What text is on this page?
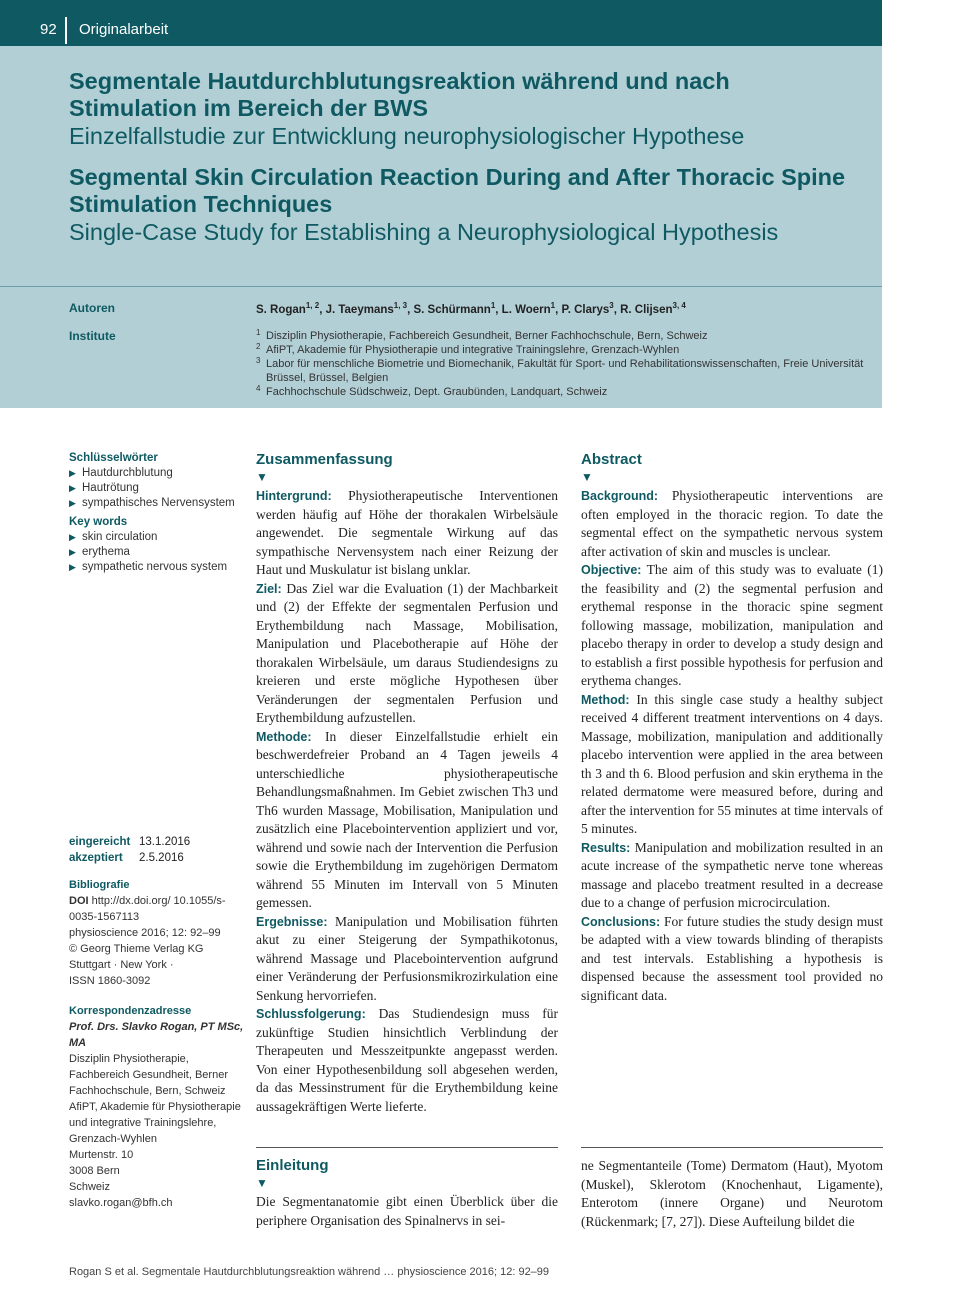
92 Originalarbeit
Segmentale Hautdurchblutungsreaktion während und nach Stimulation im Bereich der BWS
Einzelfallstudie zur Entwicklung neurophysiologischer Hypothese
Segmental Skin Circulation Reaction During and After Thoracic Spine Stimulation Techniques
Single-Case Study for Establishing a Neurophysiological Hypothesis
Autoren	S. Rogan$^{1, 2}$, J. Taeymans$^{1, 3}$, S. Schürmann$^1$, L. Woern$^1$, P. Clarys$^3$, R. Clijsen$^{3, 4}$
Institute	1 Disziplin Physiotherapie, Fachbereich Gesundheit, Berner Fachhochschule, Bern, Schweiz
2 AfiPT, Akademie für Physiotherapie und integrative Trainingslehre, Grenzach-Wyhlen
3 Labor für menschliche Biometrie und Biomechanik, Fakultät für Sport- und Rehabilitationswissenschaften, Freie Universität Brüssel, Brüssel, Belgien
4 Fachhochschule Südschweiz, Dept. Graubünden, Landquart, Schweiz
Schlüsselwörter
▶ Hautdurchblutung
▶ Hautrötung
▶ sympathisches Nervensystem
Key words
▶ skin circulation
▶ erythema
▶ sympathetic nervous system
eingereicht 13.1.2016
akzeptiert 2.5.2016
Bibliografie
DOI http://dx.doi.org/ 10.1055/s-0035-1567113
physioscience 2016; 12: 92–99
© Georg Thieme Verlag KG
Stuttgart · New York ·
ISSN 1860-3092
Korrespondenzadresse
Prof. Drs. Slavko Rogan, PT MSc, MA
Disziplin Physiotherapie, Fachbereich Gesundheit, Berner Fachhochschule, Bern, Schweiz
AfiPT, Akademie für Physiotherapie und integrative Trainingslehre, Grenzach-Wyhlen
Murtenstr. 10
3008 Bern
Schweiz
slavko.rogan@bfh.ch
Zusammenfassung
▼
Hintergrund: Physiotherapeutische Interventionen werden häufig auf Höhe der thorakalen Wirbelsäule angewendet. Die segmentale Wirkung auf das sympathische Nervensystem nach einer Reizung der Haut und Muskulatur ist bislang unklar.
Ziel: Das Ziel war die Evaluation (1) der Machbarkeit und (2) der Effekte der segmentalen Perfusion und Erythembildung nach Massage, Mobilisation, Manipulation und Placebotherapie auf Höhe der thorakalen Wirbelsäule, um daraus Studiendesigns zu kreieren und erste mögliche Hypothesen über Veränderungen der segmentalen Perfusion und Erythembildung aufzustellen.
Methode: In dieser Einzelfallstudie erhielt ein beschwerdefreier Proband an 4 Tagen jeweils 4 unterschiedliche physiotherapeutische Behandlungsmaßnahmen. Im Gebiet zwischen Th3 und Th6 wurden Massage, Mobilisation, Manipulation und zusätzlich eine Placebointervention appliziert und vor, während und sowie nach der Intervention die Perfusion sowie die Erythembildung im zugehörigen Dermatom während 55 Minuten im Intervall von 5 Minuten gemessen.
Ergebnisse: Manipulation und Mobilisation führten akut zu einer Steigerung der Sympathikotonus, während Massage und Placebointervention aufgrund einer Veränderung der Perfusionsmikrozirkulation eine Senkung hervorriefen.
Schlussfolgerung: Das Studiendesign muss für zukünftige Studien hinsichtlich Verblindung der Therapeuten und Messzeitpunkte angepasst werden. Von einer Hypothesenbildung soll abgesehen werden, da das Messinstrument für die Erythembildung keine aussagekräftigen Werte lieferte.
Abstract
▼
Background: Physiotherapeutic interventions are often employed in the thoracic region. To date the segmental effect on the sympathetic nervous system after activation of skin and muscles is unclear.
Objective: The aim of this study was to evaluate (1) the feasibility and (2) the segmental perfusion and erythemal response in the thoracic spine segment following massage, mobilization, manipulation and placebo therapy in order to develop a study design and to establish a first possible hypothesis for perfusion and erythema changes.
Method: In this single case study a healthy subject received 4 different treatment interventions on 4 days. Massage, mobilization, manipulation and additionally placebo intervention were applied in the area between th 3 and th 6. Blood perfusion and skin erythema in the related dermatome were measured before, during and after the intervention for 55 minutes at time intervals of 5 minutes.
Results: Manipulation and mobilization resulted in an acute increase of the sympathetic nerve tone whereas massage and placebo treatment resulted in a decrease due to a change of perfusion microcirculation.
Conclusions: For future studies the study design must be adapted with a view towards blinding of therapists and test intervals. Establishing a hypothesis is dispensed because the assessment tool provided no significant data.
Einleitung
▼
Die Segmentanatomie gibt einen Überblick über die periphere Organisation des Spinalnervs in sei-
ne Segmentanteile (Tome) Dermatom (Haut), Myotom (Muskel), Sklerotom (Knochenhaut, Ligamente), Enterotom (innere Organe) und Neurotom (Rückenmark; [7, 27]). Diese Aufteilung bildet die
Rogan S et al. Segmentale Hautdurchblutungsreaktion während … physioscience 2016; 12: 92–99
